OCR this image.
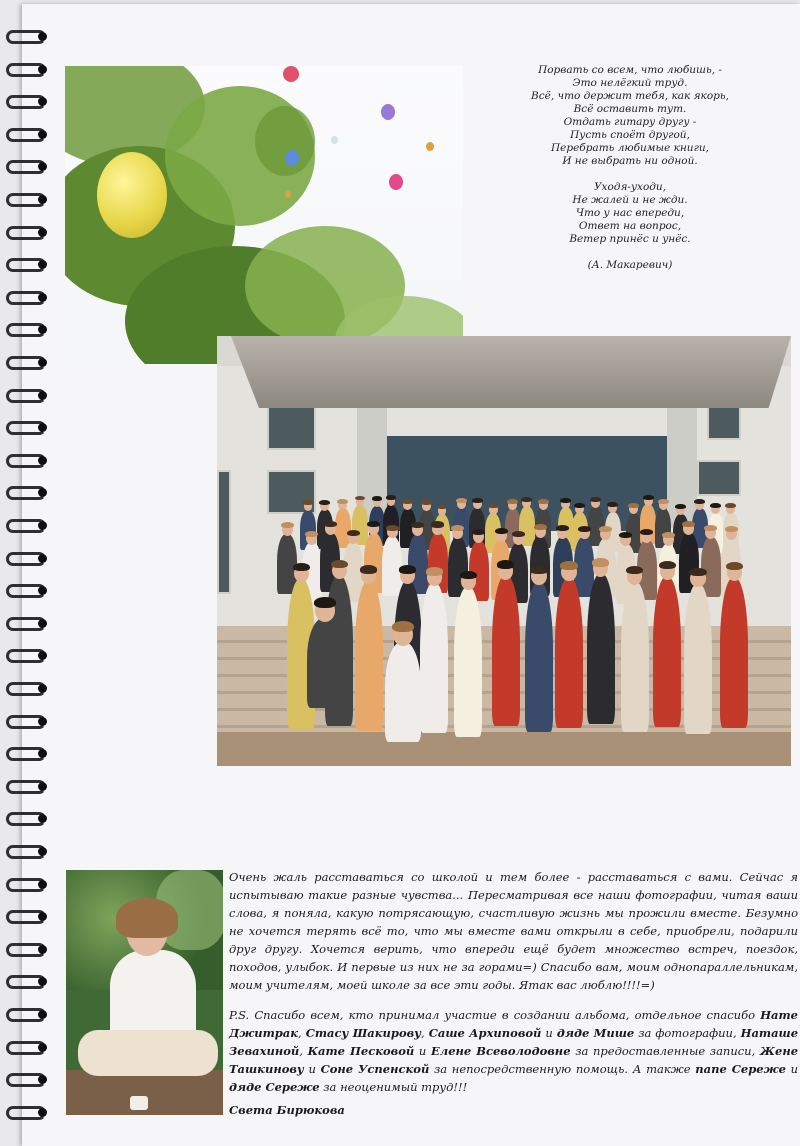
Порвать со всем, что любишь, -
Это нелёгкий труд.
Всё, что держит тебя, как якорь,
Всё оставить тут.
Отдать гитару другу -
Пусть споёт другой,
Перебрать любимые книги,
И не выбрать ни одной.
Уходя-уходи,
Не жалей и не жди.
Что у нас впереди,
Ответ на вопрос,
Ветер принёс и унёс.
(А. Макаревич)

Очень жаль расставаться со школой и тем более - расставаться с вами. Сейчас я испытываю такие разные чувства... Пересматривая все наши фотографии, читая ваши слова, я поняла, какую потрясающую, счастливую жизнь мы прожили вместе. Безумно не хочется терять всё то, что мы вместе вами открыли в себе, приобрели, подарили друг другу. Хочется верить, что впереди ещё будет множество встреч, поездок, походов, улыбок. И первые из них не за горами=) Спасибо вам, моим однопараллельникам, моим учителям, моей школе за все эти годы. Ятак вас люблю!!!!=)

P.S. Спасибо всем, кто принимал участие в создании альбома, отдельное спасибо Нате Джитрак, Стасу Шакирову, Саше Архиповой и дяде Мише за фотографии, Наташе Зевахиной, Кате Песковой и Елене Всеволодовне за предоставленные записи, Жене Ташкинову и Соне Успенской за непосредственную помощь. А также папе Сереже и дяде Сереже за неоценимый труд!!!

Света Бирюкова
